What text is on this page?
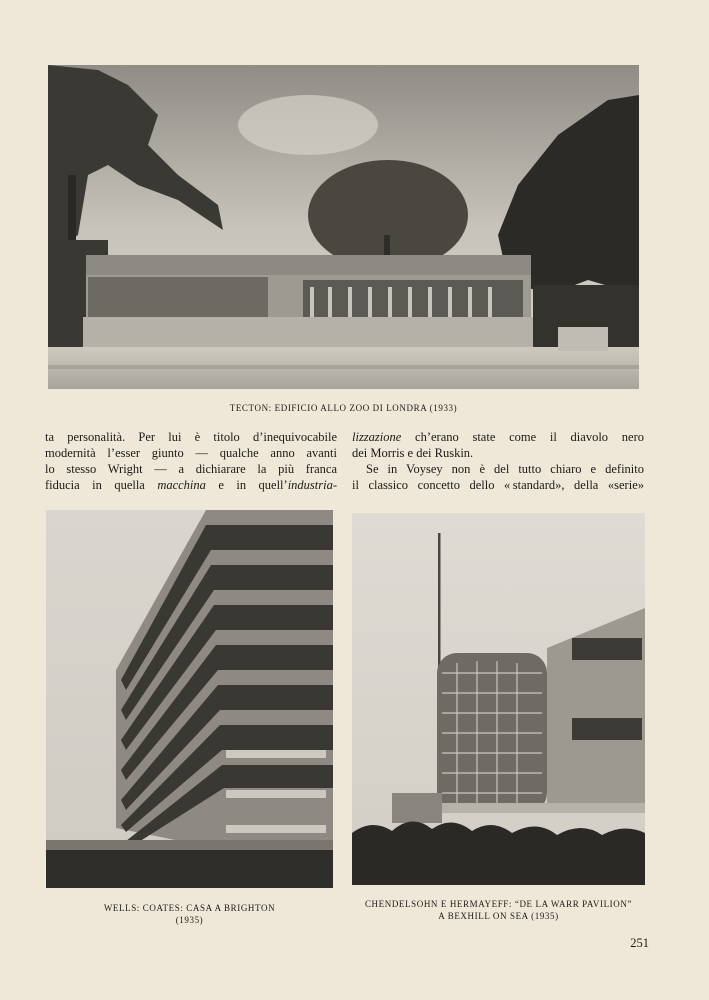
TECTON: EDIFICIO ALLO ZOO DI LONDRA (1933)
ta personalità. Per lui è titolo d’inequivocabile
modernità l’esser giunto — qualche anno avanti
lo stesso Wright — a dichiarare la più franca
fiducia in quella macchina e in quell’industria-
lizzazione ch’erano state come il diavolo nero
dei Morris e dei Ruskin.
Se in Voysey non è del tutto chiaro e definito
il classico concetto dello « standard», della «serie»
WELLS: COATES: CASA A BRIGHTON
(1935)
CHENDELSOHN E HERMAYEFF: “DE LA WARR PAVILION”
A BEXHILL ON SEA (1935)
251
